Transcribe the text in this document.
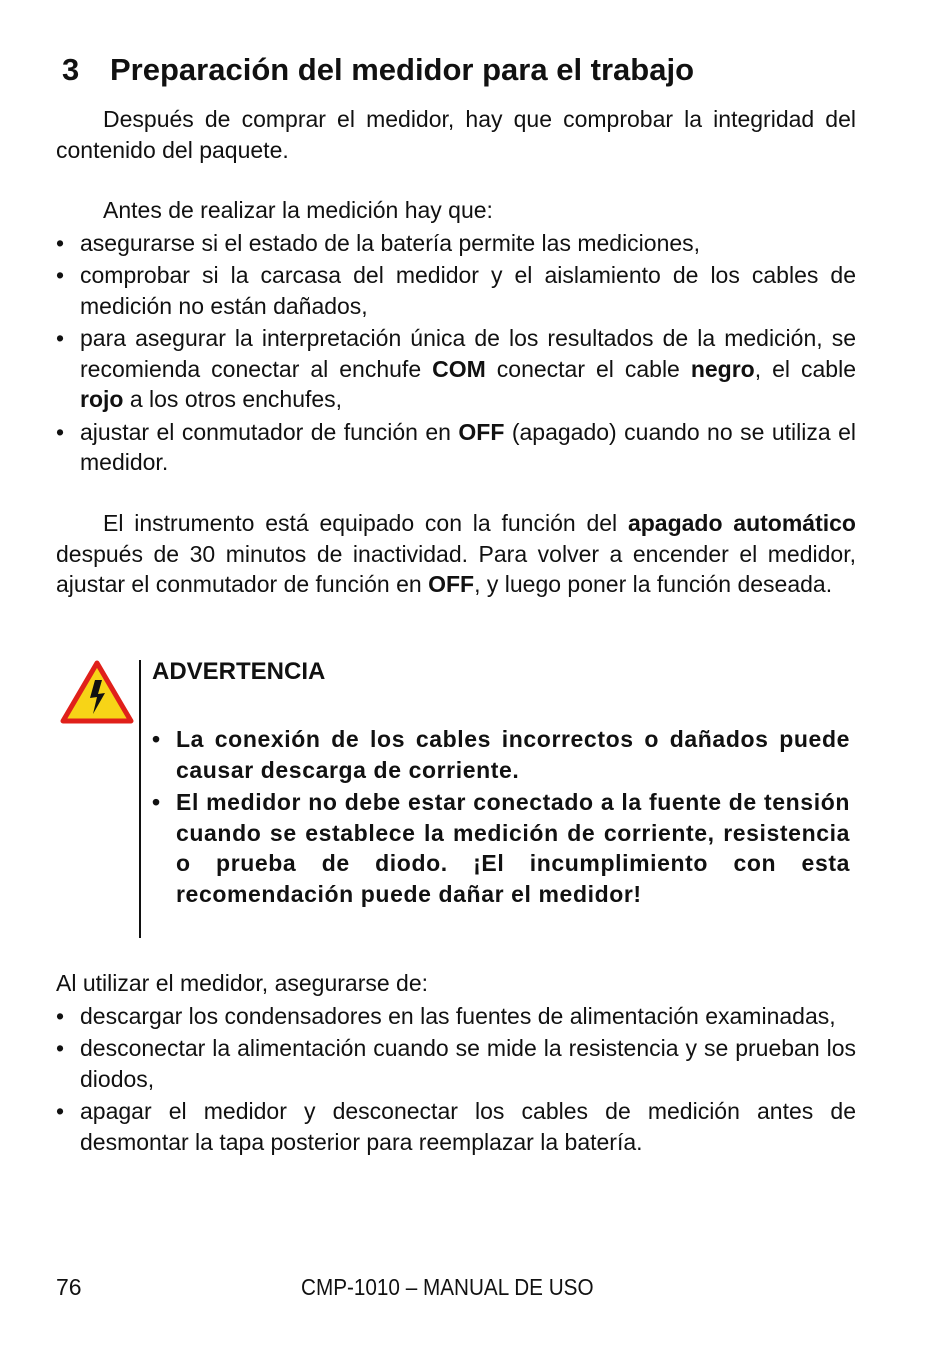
3 Preparación del medidor para el trabajo

Después de comprar el medidor, hay que comprobar la integridad del contenido del paquete.

Antes de realizar la medición hay que:

• asegurarse si el estado de la batería permite las mediciones,
• comprobar si la carcasa del medidor y el aislamiento de los cables de medición no están dañados,
• para asegurar la interpretación única de los resultados de la medición, se recomienda conectar al enchufe COM conectar el cable negro, el cable rojo a los otros enchufes,
• ajustar el conmutador de función en OFF (apagado) cuando no se utiliza el medidor.

El instrumento está equipado con la función del apagado automático después de 30 minutos de inactividad. Para volver a encender el medidor, ajustar el conmutador de función en OFF, y luego poner la función deseada.

ADVERTENCIA
• La conexión de los cables incorrectos o dañados puede causar descarga de corriente.
• El medidor no debe estar conectado a la fuente de tensión cuando se establece la medición de corriente, resistencia o prueba de diodo. ¡El incumplimiento con esta recomendación puede dañar el medidor!

Al utilizar el medidor, asegurarse de:

• descargar los condensadores en las fuentes de alimentación examinadas,
• desconectar la alimentación cuando se mide la resistencia y se prueban los diodos,
• apagar el medidor y desconectar los cables de medición antes de desmontar la tapa posterior para reemplazar la batería.
76	CMP-1010 – MANUAL DE USO
